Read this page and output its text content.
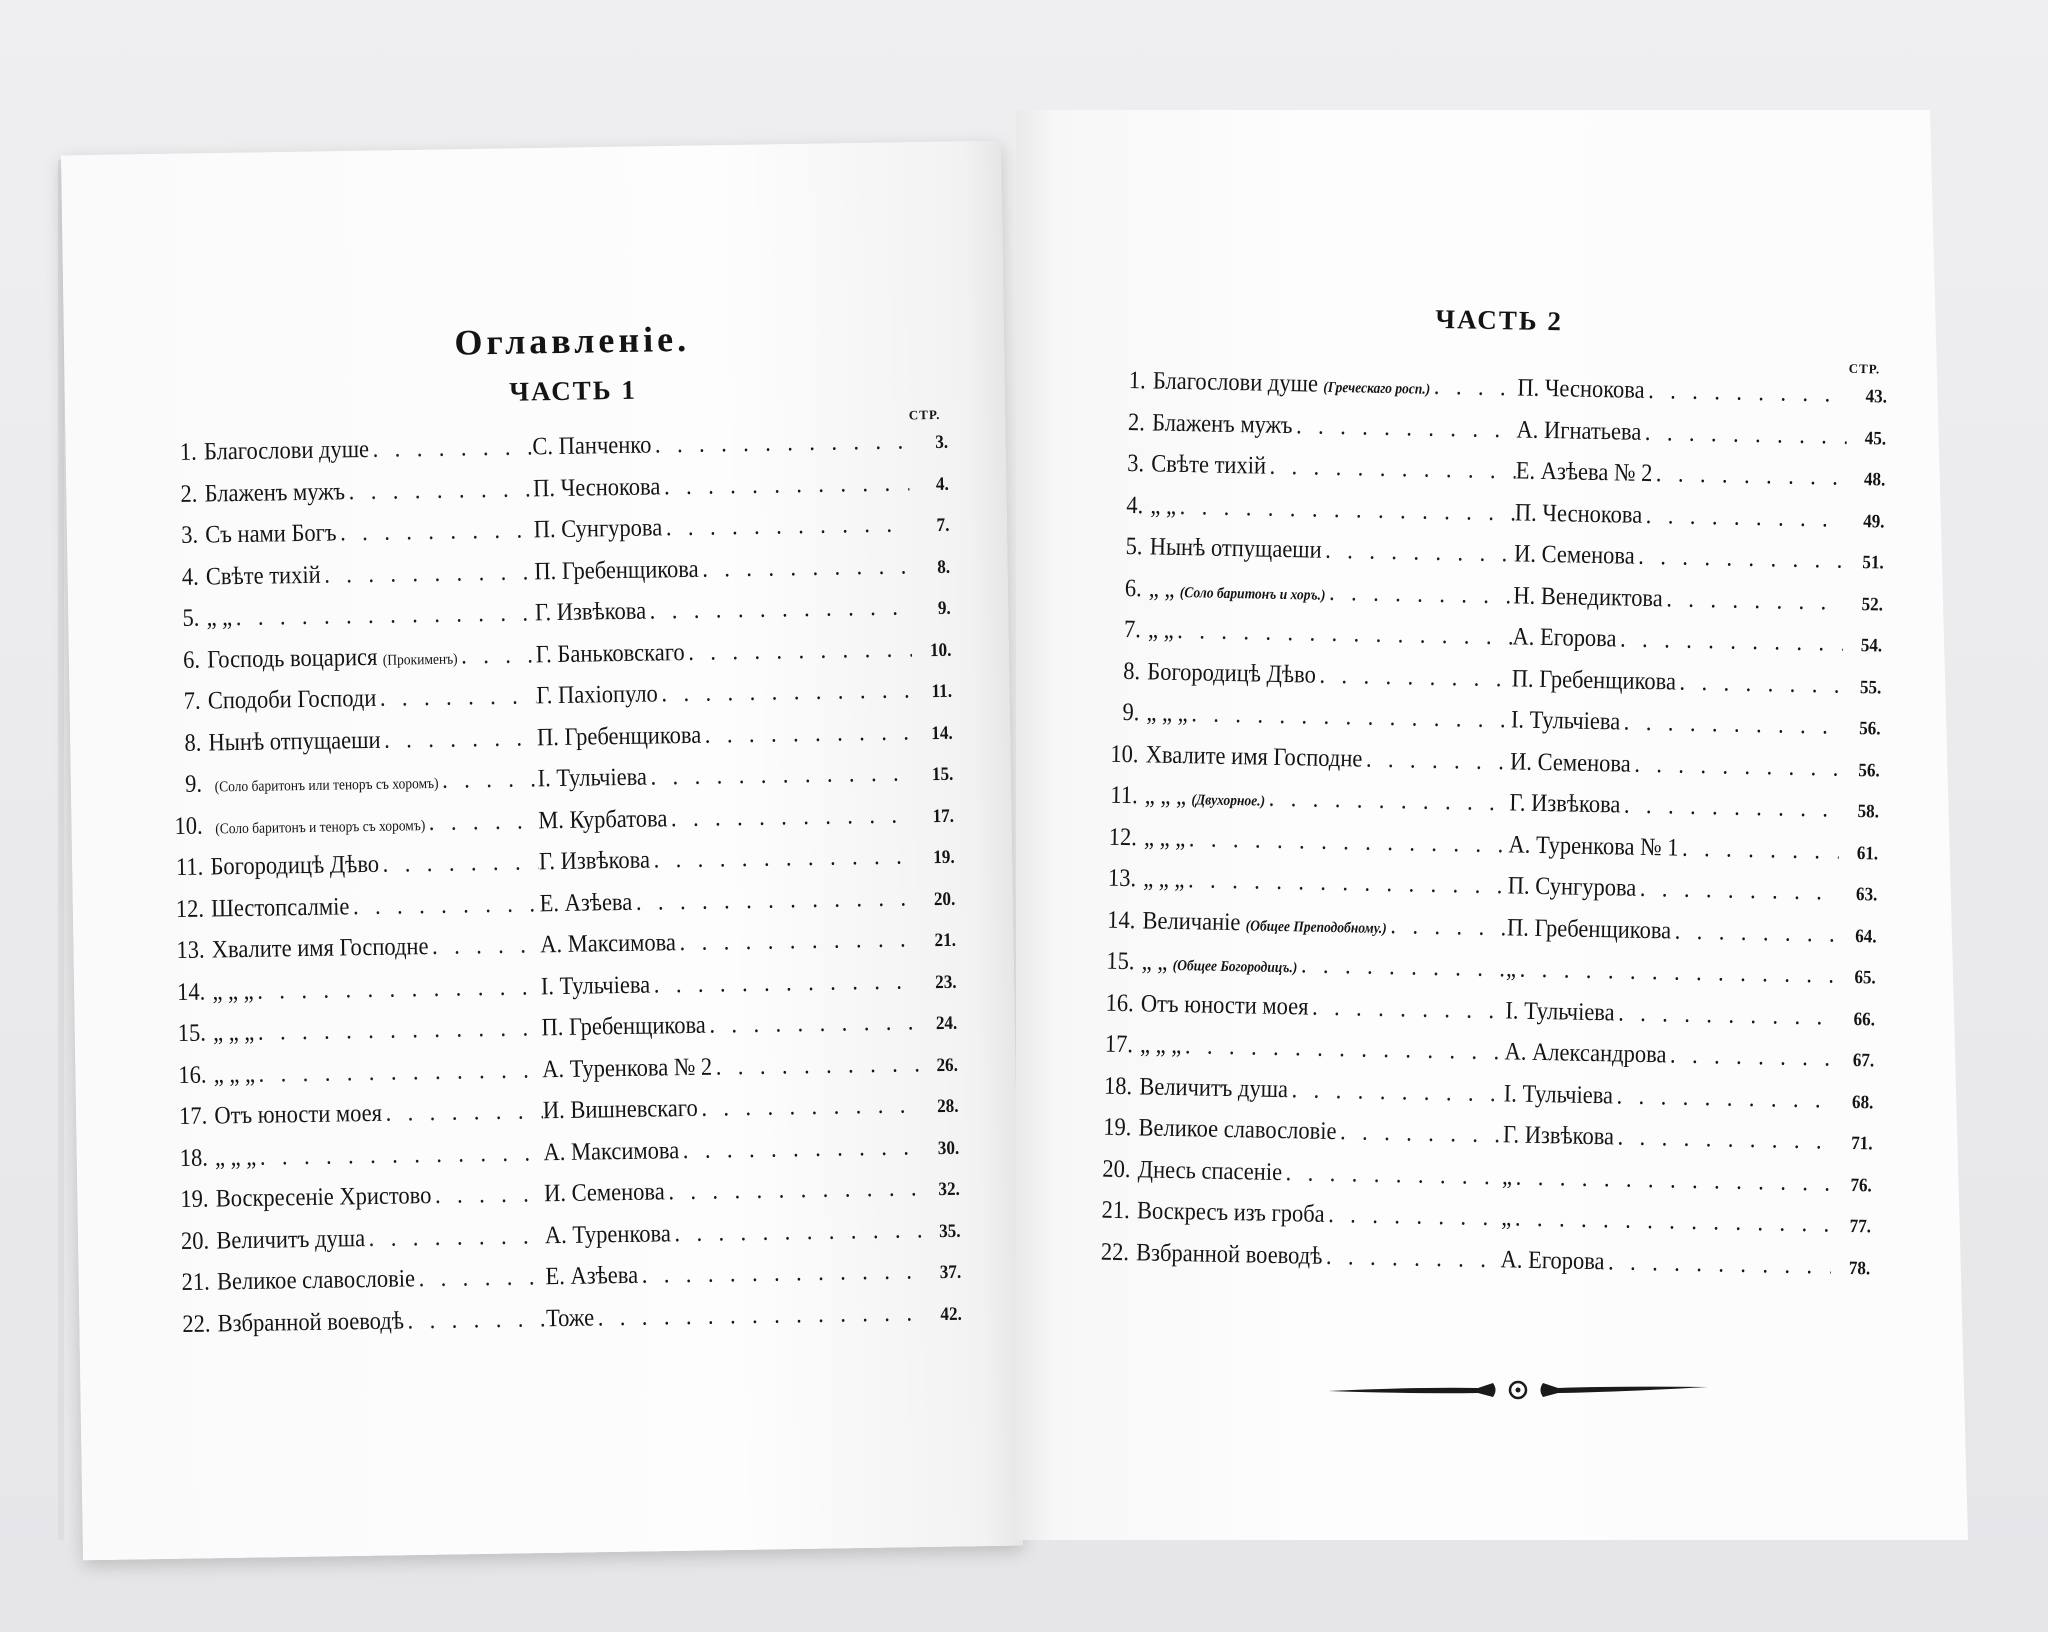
Оглавленіе.
ЧАСТЬ 1
СТР.
1. Благослови душе . . .	С. Панченко . . .	3.
2. Блаженъ мужъ . . .	П. Чеснокова . . .	4.
3. Съ нами Богъ . . .	П. Сунгурова . . .	7.
4. Свѣте тихій . . .	П. Гребенщикова . . .	8.
5. „ „ . . .	Г. Извѣкова . . .	9.
6. Господь воцарися (Прокименъ) . . .	Г. Баньковскаго . . .	10.
7. Сподоби Господи . . .	Г. Пахіопуло . . .	11.
8. Нынѣ отпущаеши . . .	П. Гребенщикова . . .	14.
9. (Соло баритонъ или теноръ съ хоромъ) . . .	І. Тульчіева . . .	15.
10. (Соло баритонъ и теноръ съ хоромъ) . . .	М. Курбатова . . .	17.
11. Богородицѣ Дѣво . . .	Г. Извѣкова . . .	19.
12. Шестопсалміе . . .	Е. Азѣева . . .	20.
13. Хвалите имя Господне . . .	А. Максимова . . .	21.
14. „ „ „ . . .	І. Тульчіева . . .	23.
15. „ „ „ . . .	П. Гребенщикова . . .	24.
16. „ „ „ . . .	А. Туренкова № 2 . . .	26.
17. Отъ юности моея . . .	И. Вишневскаго . . .	28.
18. „ „ „ . . .	А. Максимова . . .	30.
19. Воскресеніе Христово . . .	И. Семенова . . .	32.
20. Величитъ душа . . .	А. Туренкова . . .	35.
21. Великое славословіе . . .	Е. Азѣева . . .	37.
22. Взбранной воеводѣ . . .	Тоже . . .	42.
ЧАСТЬ 2
СТР.
1. Благослови душе (Греческаго росп.) . . .	П. Чеснокова . . .	43.
2. Блаженъ мужъ . . .	А. Игнатьева . . .	45.
3. Свѣте тихій . . .	Е. Азѣева № 2 . . .	48.
4. „ „ . . .	П. Чеснокова . . .	49.
5. Нынѣ отпущаеши . . .	И. Семенова . . .	51.
6. „ „ (Соло баритонъ и хоръ.) . . .	Н. Венедиктова . . .	52.
7. „ „ . . .	А. Егорова . . .	54.
8. Богородицѣ Дѣво . . .	П. Гребенщикова . . .	55.
9. „ „ „ . . .	І. Тульчіева . . .	56.
10. Хвалите имя Господне . . .	И. Семенова . . .	56.
11. „ „ „ (Двухорное.) . . .	Г. Извѣкова . . .	58.
12. „ „ „ . . .	А. Туренкова № 1 . . .	61.
13. „ „ „ . . .	П. Сунгурова . . .	63.
14. Величаніе (Общее Преподобному.) . . .	П. Гребенщикова . . .	64.
15. „ „ (Общее Богородицъ.) . . .	„ . . .	65.
16. Отъ юности моея . . .	І. Тульчіева . . .	66.
17. „ „ „ . . .	А. Александрова . . .	67.
18. Величитъ душа . . .	І. Тульчіева . . .	68.
19. Великое славословіе . . .	Г. Извѣкова . . .	71.
20. Днесь спасеніе . . .	„ . . .	76.
21. Воскресъ изъ гроба . . .	„ . . .	77.
22. Взбранной воеводѣ . . .	А. Егорова . . .	78.
